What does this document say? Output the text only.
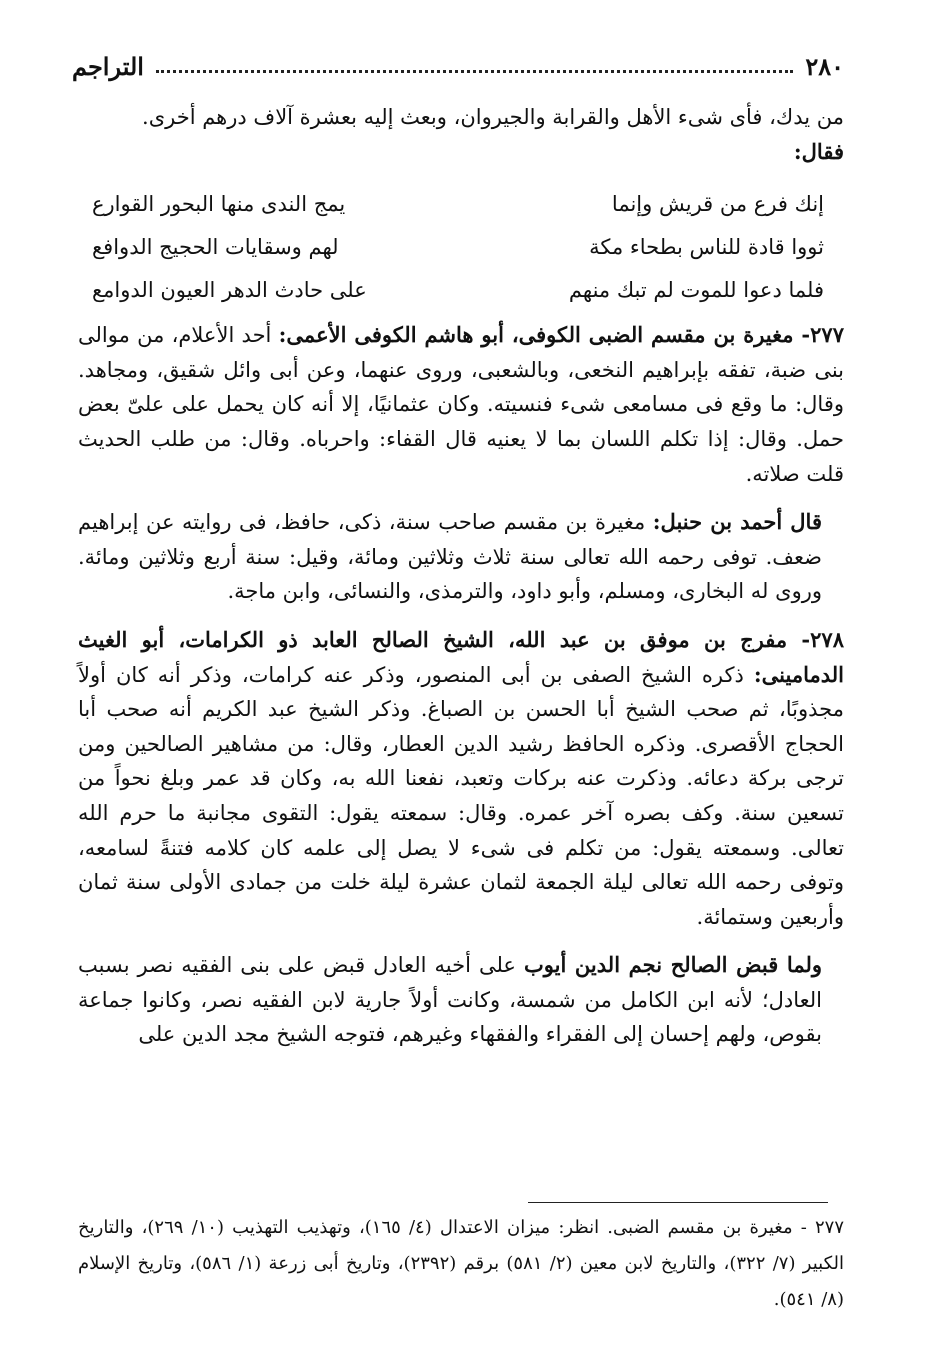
٢٨٠
التراجم

من يدك، فأى شىء الأهل والقرابة والجيروان، وبعث إليه بعشرة آلاف درهم أخرى.

فقال:

إنك فرع من قريش وإنما
يمج الندى منها البحور القوارع
ثووا قادة للناس بطحاء مكة
لهم وسقايات الحجيج الدوافع
فلما دعوا للموت لم تبك منهم
على حادث الدهر العيون الدوامع

٢٧٧- مغيرة بن مقسم الضبى الكوفى، أبو هاشم الكوفى الأعمى: أحد الأعلام، من موالى بنى ضبة، تفقه بإبراهيم النخعى، وبالشعبى، وروى عنهما، وعن أبى وائل شقيق، ومجاهد. وقال: ما وقع فى مسامعى شىء فنسيته. وكان عثمانيًا، إلا أنه كان يحمل على علىّ بعض حمل. وقال: إذا تكلم اللسان بما لا يعنيه قال القفاء: واحرباه. وقال: من طلب الحديث قلت صلاته.

قال أحمد بن حنبل: مغيرة بن مقسم صاحب سنة، ذكى، حافظ، فى روايته عن إبراهيم ضعف. توفى رحمه الله تعالى سنة ثلاث وثلاثين ومائة، وقيل: سنة أربع وثلاثين ومائة. وروى له البخارى، ومسلم، وأبو داود، والترمذى، والنسائى، وابن ماجة.

٢٧٨- مفرج بن موفق بن عبد الله، الشيخ الصالح العابد ذو الكرامات، أبو الغيث الدمامينى: ذكره الشيخ الصفى بن أبى المنصور، وذكر عنه كرامات، وذكر أنه كان أولاً مجذوبًا، ثم صحب الشيخ أبا الحسن بن الصباغ. وذكر الشيخ عبد الكريم أنه صحب أبا الحجاج الأقصرى. وذكره الحافظ رشيد الدين العطار، وقال: من مشاهير الصالحين ومن ترجى بركة دعائه. وذكرت عنه بركات وتعبد، نفعنا الله به، وكان قد عمر وبلغ نحواً من تسعين سنة. وكف بصره آخر عمره. وقال: سمعته يقول: التقوى مجانبة ما حرم الله تعالى. وسمعته يقول: من تكلم فى شىء لا يصل إلى علمه كان كلامه فتنةً لسامعه، وتوفى رحمه الله تعالى ليلة الجمعة لثمان عشرة ليلة خلت من جمادى الأولى سنة ثمان وأربعين وستمائة.

ولما قبض الصالح نجم الدين أيوب على أخيه العادل قبض على بنى الفقيه نصر بسبب العادل؛ لأنه ابن الكامل من شمسة، وكانت أولاً جارية لابن الفقيه نصر، وكانوا جماعة بقوص، ولهم إحسان إلى الفقراء والفقهاء وغيرهم، فتوجه الشيخ مجد الدين على

٢٧٧ - مغيرة بن مقسم الضبى. انظر: ميزان الاعتدال (٤/ ١٦٥)، وتهذيب التهذيب (١٠/ ٢٦٩)، والتاريخ الكبير (٧/ ٣٢٢)، والتاريخ لابن معين (٢/ ٥٨١) برقم (٢٣٩٢)، وتاريخ أبى زرعة (١/ ٥٨٦)، وتاريخ الإسلام (٨/ ٥٤١).
